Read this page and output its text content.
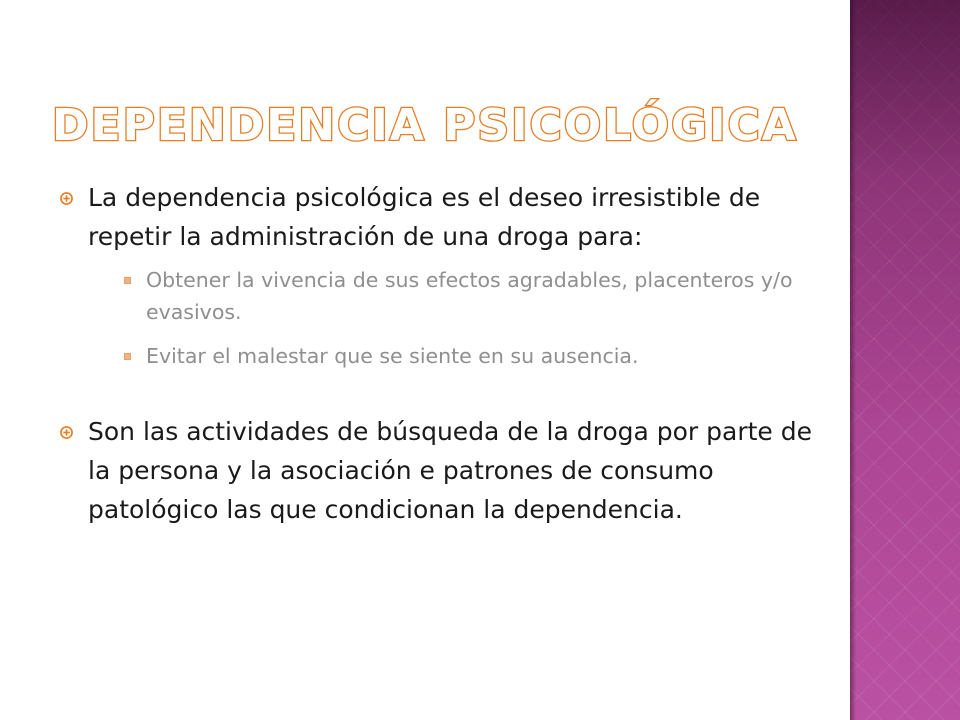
DEPENDENCIA PSICOLÓGICA
La dependencia psicológica es el deseo irresistible de repetir la administración de una droga para:
Obtener la vivencia de sus efectos agradables, placenteros y/o evasivos.
Evitar el malestar que se siente en su ausencia.
Son las actividades de búsqueda de la droga por parte de la persona y la asociación e patrones de consumo patológico las que condicionan la dependencia.
